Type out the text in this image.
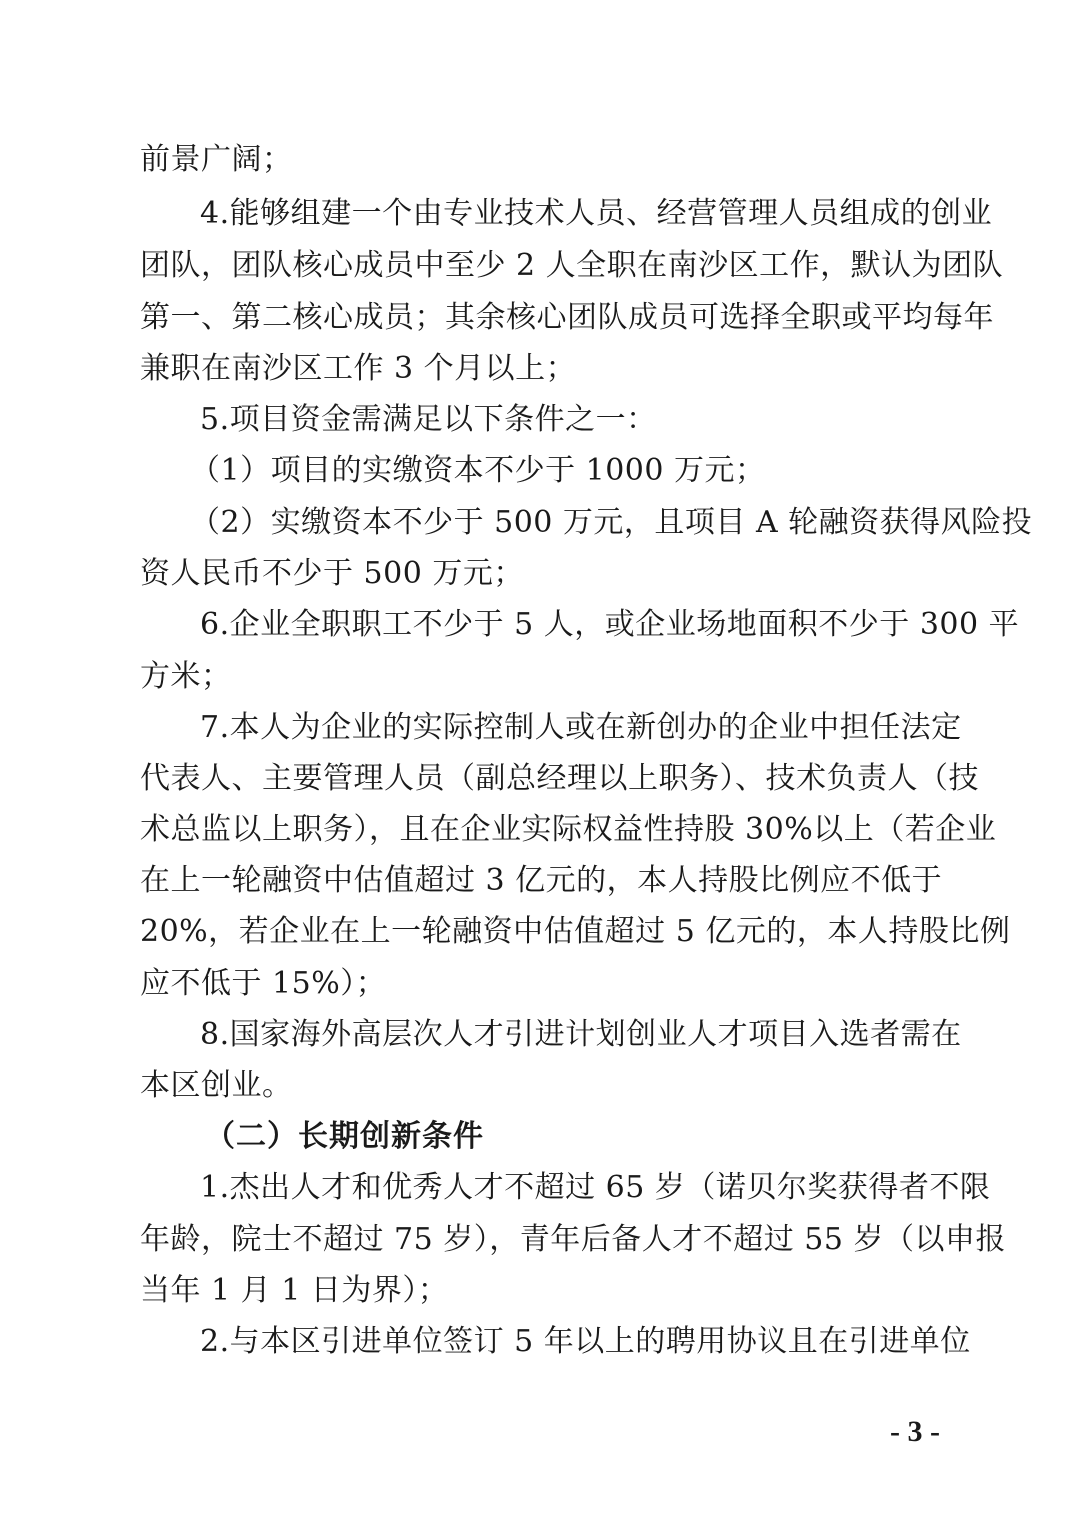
前景广阔；
4.能够组建一个由专业技术人员、经营管理人员组成的创业
团队，团队核心成员中至少 2 人全职在南沙区工作，默认为团队
第一、第二核心成员；其余核心团队成员可选择全职或平均每年
兼职在南沙区工作 3 个月以上；
5.项目资金需满足以下条件之一：
（1）项目的实缴资本不少于 1000 万元；
（2）实缴资本不少于 500 万元，且项目 A 轮融资获得风险投
资人民币不少于 500 万元；
6.企业全职职工不少于 5 人，或企业场地面积不少于 300 平
方米；
7.本人为企业的实际控制人或在新创办的企业中担任法定
代表人、主要管理人员（副总经理以上职务）、技术负责人（技
术总监以上职务），且在企业实际权益性持股 30%以上（若企业
在上一轮融资中估值超过 3 亿元的，本人持股比例应不低于
20%，若企业在上一轮融资中估值超过 5 亿元的，本人持股比例
应不低于 15%）；
8.国家海外高层次人才引进计划创业人才项目入选者需在
本区创业。
（二）长期创新条件
1.杰出人才和优秀人才不超过 65 岁（诺贝尔奖获得者不限
年龄，院士不超过 75 岁），青年后备人才不超过 55 岁（以申报
当年 1 月 1 日为界）；
2.与本区引进单位签订 5 年以上的聘用协议且在引进单位
- 3 -
